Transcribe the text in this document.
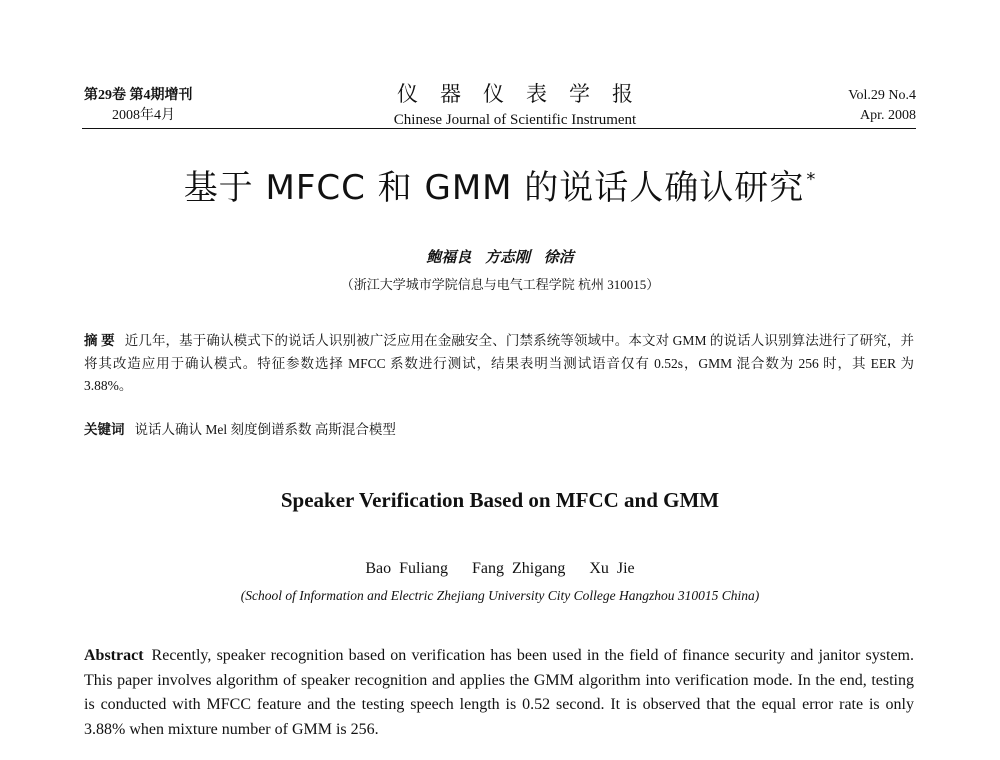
第29卷 第4期增刊
2008年4月
仪器仪表学报
Chinese Journal of Scientific Instrument
Vol.29 No.4
Apr. 2008
基于 MFCC 和 GMM 的说话人确认研究 *
鲍福良 方志刚 徐洁
（浙江大学城市学院信息与电气工程学院 杭州 310015）
摘 要 近几年，基于确认模式下的说话人识别被广泛应用在金融安全、门禁系统等领域中。本文对 GMM 的说话人识别算法进行了研究，并将其改造应用于确认模式。特征参数选择 MFCC 系数进行测试，结果表明当测试语音仅有 0.52s，GMM 混合数为 256 时，其 EER 为 3.88%。
关键词 说话人确认 Mel 刻度倒谱系数 高斯混合模型
Speaker Verification Based on MFCC and GMM
Bao Fuliang Fang Zhigang Xu Jie
(School of Information and Electric Zhejiang University City College Hangzhou 310015 China)
Abstract Recently, speaker recognition based on verification has been used in the field of finance security and janitor system. This paper involves algorithm of speaker recognition and applies the GMM algorithm into verification mode. In the end, testing is conducted with MFCC feature and the testing speech length is 0.52 second. It is observed that the equal error rate is only 3.88% when mixture number of GMM is 256.
